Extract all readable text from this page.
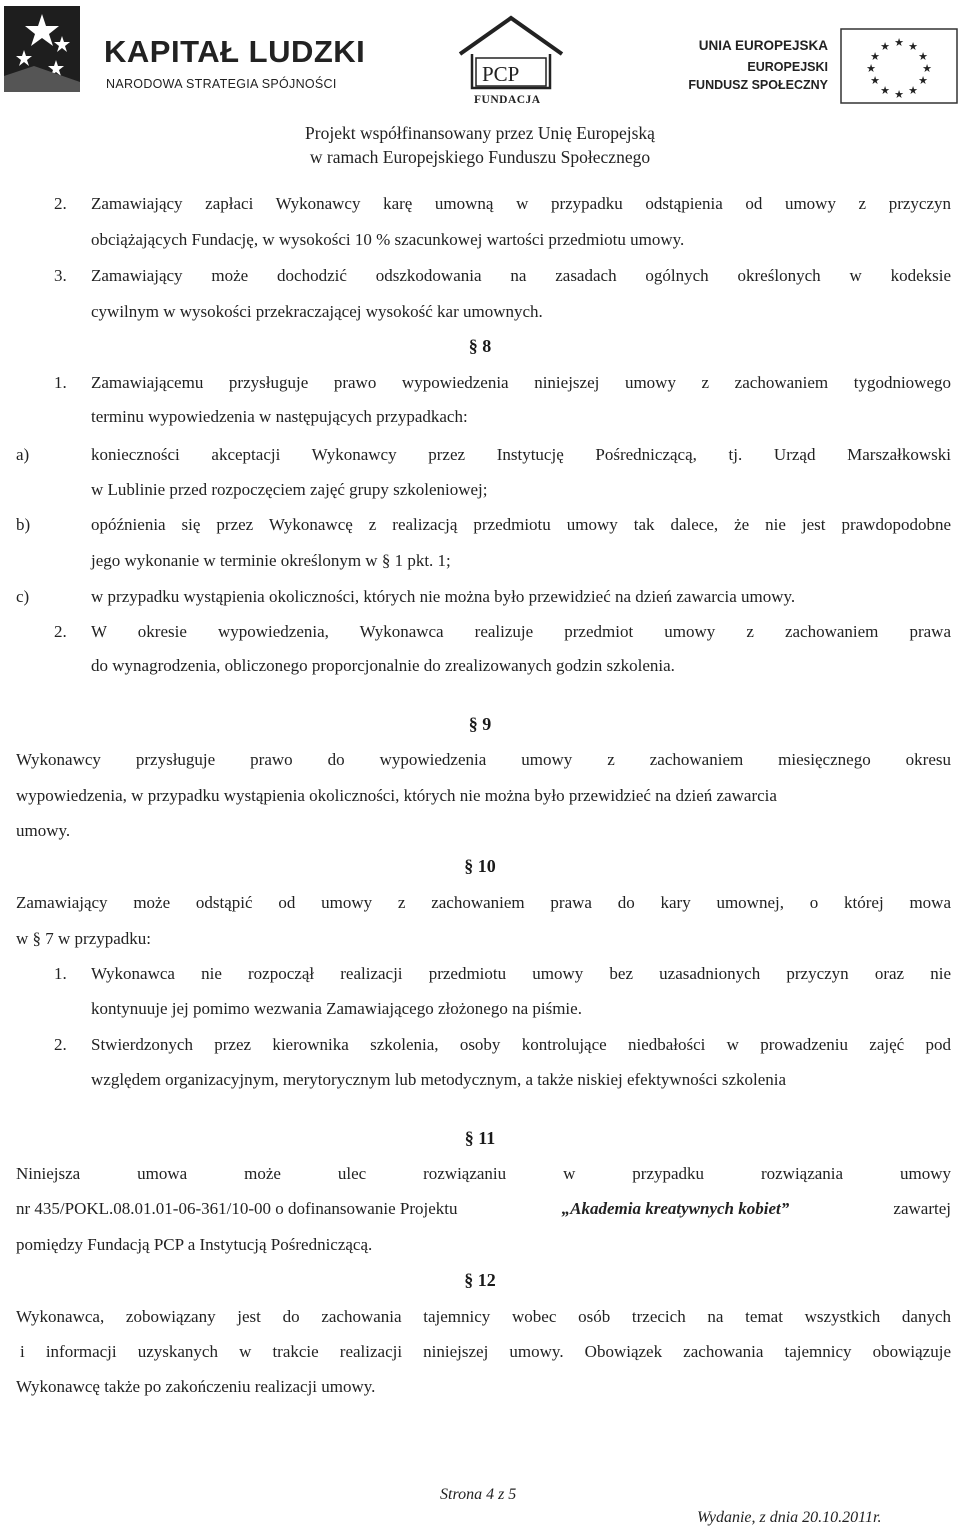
KAPITAŁ LUDZKI
NARODOWA STRATEGIA SPÓJNOŚCI	PCP
FUNDACJA
UNIA EUROPEJSKA
EUROPEJSKI
FUNDUSZ SPOŁECZNY
★ ★
★
★
★
★
★
★
★
★
★
★
Projekt współfinansowany przez Unię Europejską
w ramach Europejskiego Funduszu Społecznego
2. Zamawiający zapłaci Wykonawcy karę umowną w przypadku odstąpienia od umowy z przyczyn
obciążających Fundację, w wysokości 10 % szacunkowej wartości przedmiotu umowy.
3. Zamawiający może dochodzić odszkodowania na zasadach ogólnych określonych w kodeksie
cywilnym w wysokości przekraczającej wysokość kar umownych.
§ 8
1. Zamawiającemu przysługuje prawo wypowiedzenia niniejszej umowy z zachowaniem tygodniowego
terminu wypowiedzenia w następujących przypadkach:
a)	konieczności akceptacji Wykonawcy przez Instytucję Pośredniczącą, tj. Urząd Marszałkowski
w Lublinie przed rozpoczęciem zajęć grupy szkoleniowej;
b)	opóźnienia się przez Wykonawcę z realizacją przedmiotu umowy tak dalece, że nie jest prawdopodobne
jego wykonanie w terminie określonym w § 1 pkt. 1;
c)	w przypadku wystąpienia okoliczności, których nie można było przewidzieć na dzień zawarcia umowy.
2. W okresie wypowiedzenia, Wykonawca realizuje przedmiot umowy z zachowaniem prawa
do wynagrodzenia, obliczonego proporcjonalnie do zrealizowanych godzin szkolenia.
§ 9
Wykonawcy przysługuje prawo do wypowiedzenia umowy z zachowaniem miesięcznego okresu
wypowiedzenia, w przypadku wystąpienia okoliczności, których nie można było przewidzieć na dzień zawarcia
umowy.
§ 10
Zamawiający może odstąpić od umowy z zachowaniem prawa do kary umownej, o której mowa
w § 7 w przypadku:
1. Wykonawca nie rozpoczął realizacji przedmiotu umowy bez uzasadnionych przyczyn oraz nie
kontynuuje jej pomimo wezwania Zamawiającego złożonego na piśmie.
2. Stwierdzonych przez kierownika szkolenia, osoby kontrolujące niedbałości w prowadzeniu zajęć pod
względem organizacyjnym, merytorycznym lub metodycznym, a także niskiej efektywności szkolenia
§ 11
Niniejsza umowa może ulec rozwiązaniu w przypadku rozwiązania umowy
nr 435/POKL.08.01.01-06-361/10-00 o dofinansowanie Projektu	„Akademia kreatywnych kobiet”	zawartej
pomiędzy Fundacją PCP a Instytucją Pośredniczącą.
§ 12
Wykonawca, zobowiązany jest do zachowania tajemnicy wobec osób trzecich na temat wszystkich danych
i informacji uzyskanych w trakcie realizacji niniejszej umowy. Obowiązek zachowania tajemnicy obowiązuje
Wykonawcę także po zakończeniu realizacji umowy.
Strona 4 z 5
Wydanie, z dnia 20.10.2011r.
